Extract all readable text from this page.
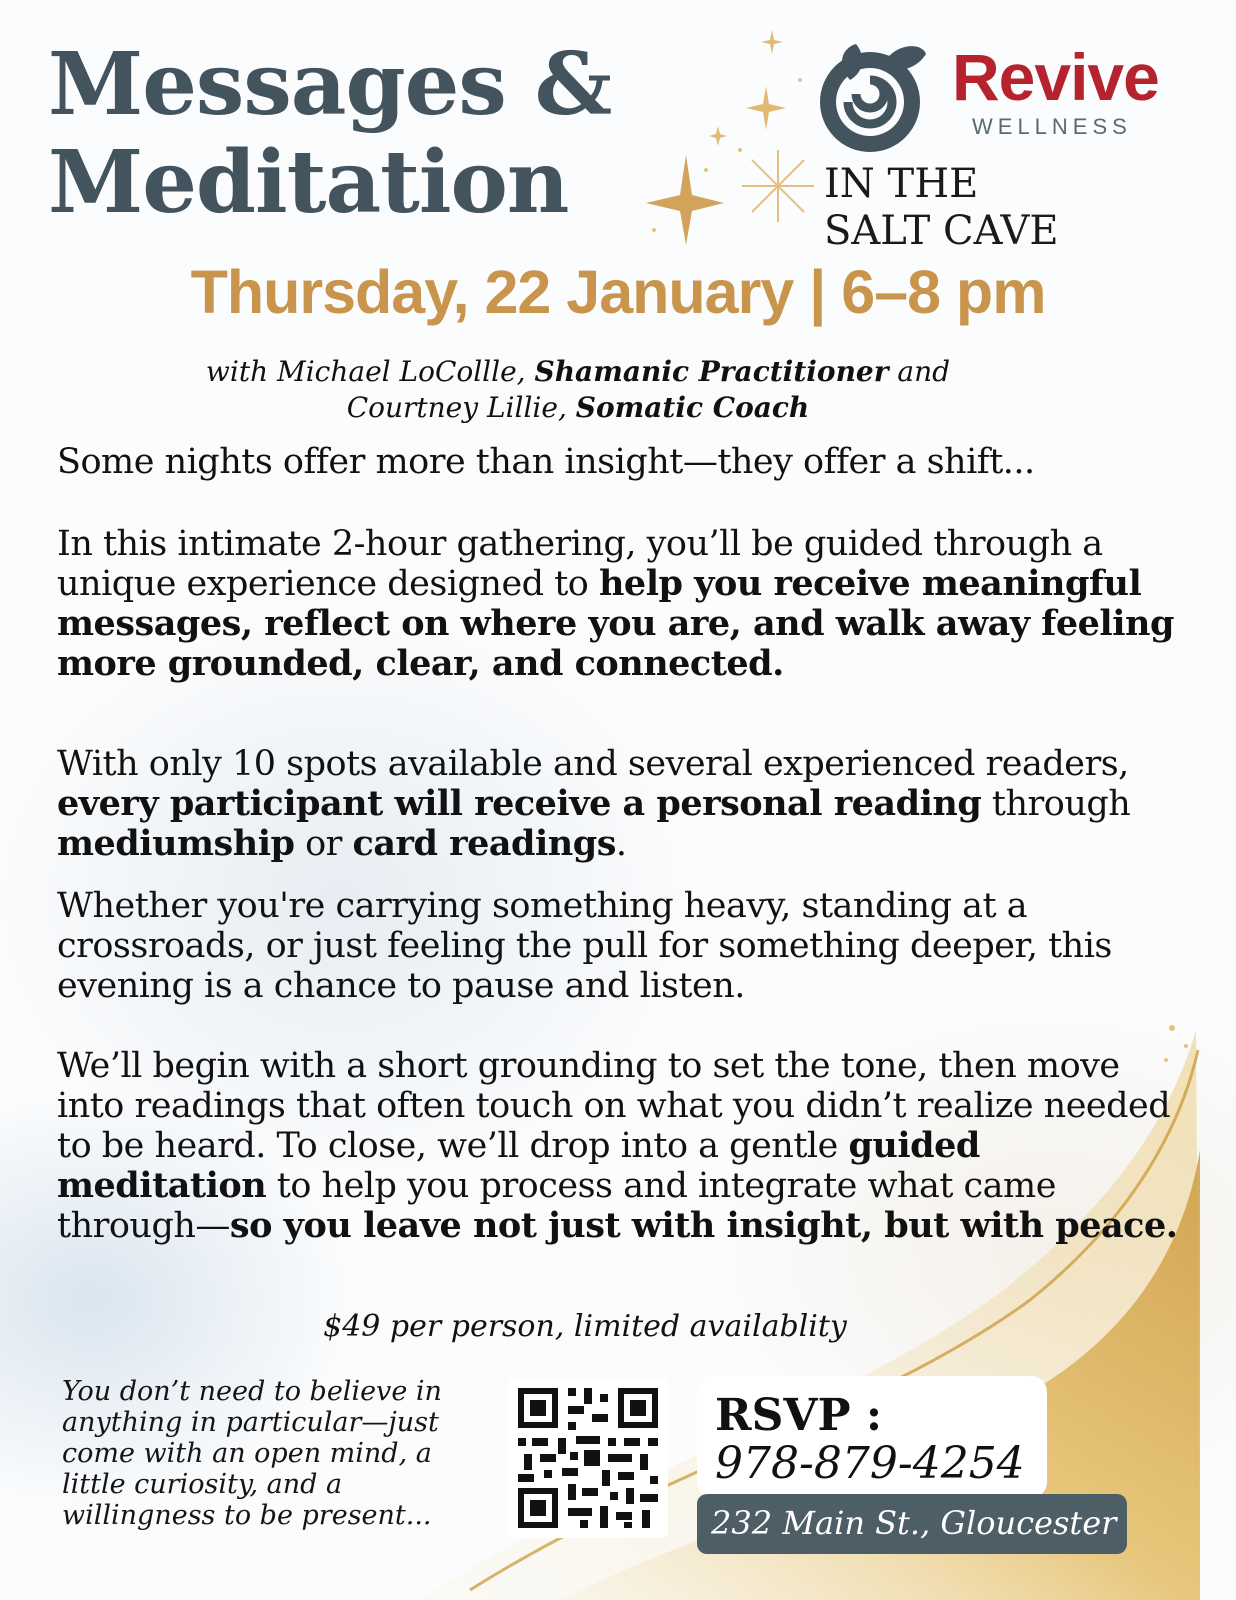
Messages &
Meditation
Revive
WELLNESS
IN THE
SALT CAVE
Thursday, 22 January | 6–8 pm
with Michael LoCollle, Shamanic Practitioner and
Courtney Lillie, Somatic Coach

Some nights offer more than insight—they offer a shift...

In this intimate 2-hour gathering, you’ll be guided through a unique experience designed to help you receive meaningful messages, reflect on where you are, and walk away feeling more grounded, clear, and connected.

With only 10 spots available and several experienced readers, every participant will receive a personal reading through mediumship or card readings.

Whether you're carrying something heavy, standing at a crossroads, or just feeling the pull for something deeper, this evening is a chance to pause and listen.

We’ll begin with a short grounding to set the tone, then move into readings that often touch on what you didn’t realize needed to be heard. To close, we’ll drop into a gentle guided meditation to help you process and integrate what came through—so you leave not just with insight, but with peace.

$49 per person, limited availablity
You don’t need to believe in anything in particular—just come with an open mind, a little curiosity, and a willingness to be present...
RSVP :
978-879-4254
232 Main St., Gloucester
